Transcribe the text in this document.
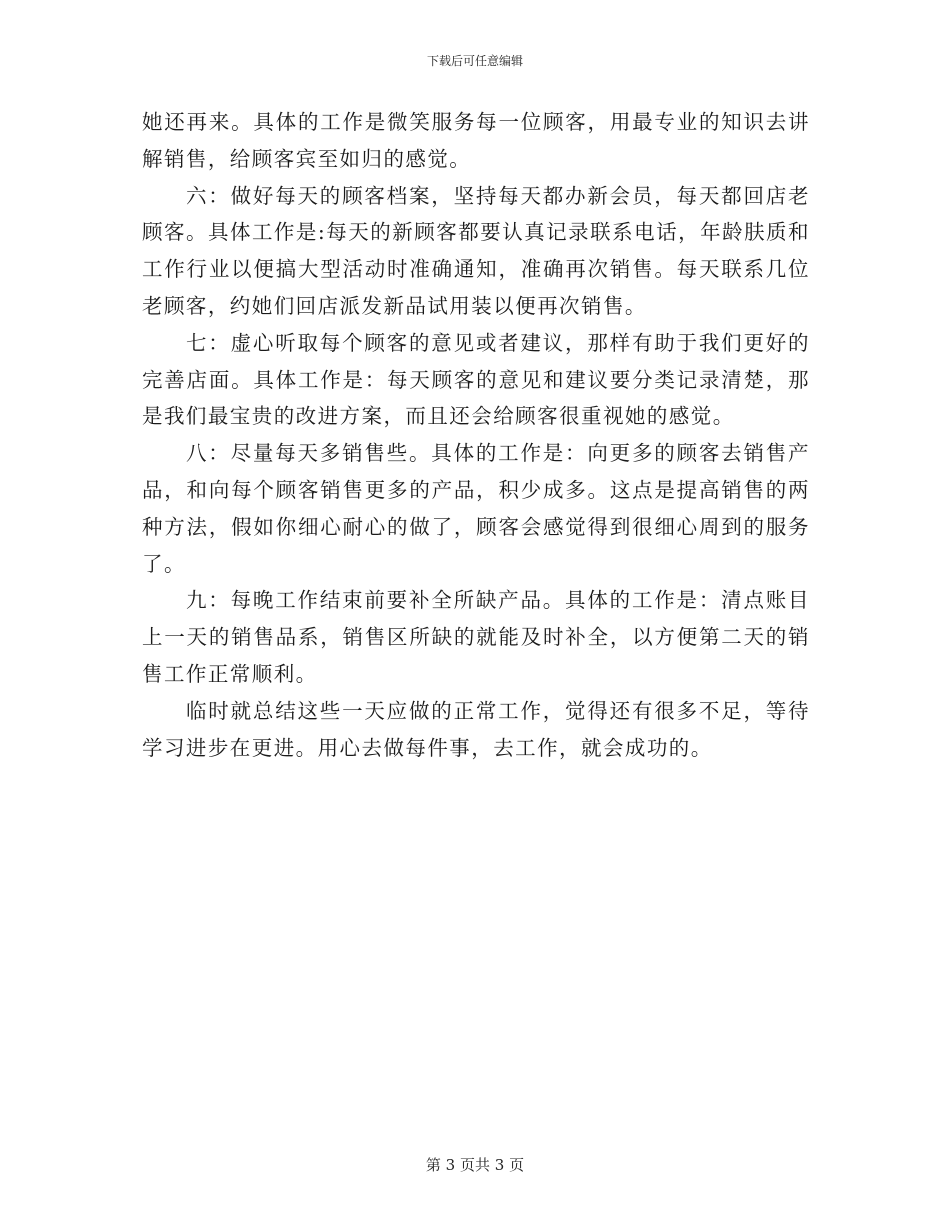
下载后可任意编辑

她还再来。具体的工作是微笑服务每一位顾客，用最专业的知识去讲解销售，给顾客宾至如归的感觉。

六：做好每天的顾客档案，坚持每天都办新会员，每天都回店老顾客。具体工作是:每天的新顾客都要认真记录联系电话，年龄肤质和工作行业以便搞大型活动时准确通知，准确再次销售。每天联系几位老顾客，约她们回店派发新品试用装以便再次销售。

七：虚心听取每个顾客的意见或者建议，那样有助于我们更好的完善店面。具体工作是：每天顾客的意见和建议要分类记录清楚，那是我们最宝贵的改进方案，而且还会给顾客很重视她的感觉。

八：尽量每天多销售些。具体的工作是：向更多的顾客去销售产品，和向每个顾客销售更多的产品，积少成多。这点是提高销售的两种方法，假如你细心耐心的做了，顾客会感觉得到很细心周到的服务了。

九：每晚工作结束前要补全所缺产品。具体的工作是：清点账目上一天的销售品系，销售区所缺的就能及时补全，以方便第二天的销售工作正常顺利。

临时就总结这些一天应做的正常工作，觉得还有很多不足，等待学习进步在更进。用心去做每件事，去工作，就会成功的。

第 3 页共 3 页
